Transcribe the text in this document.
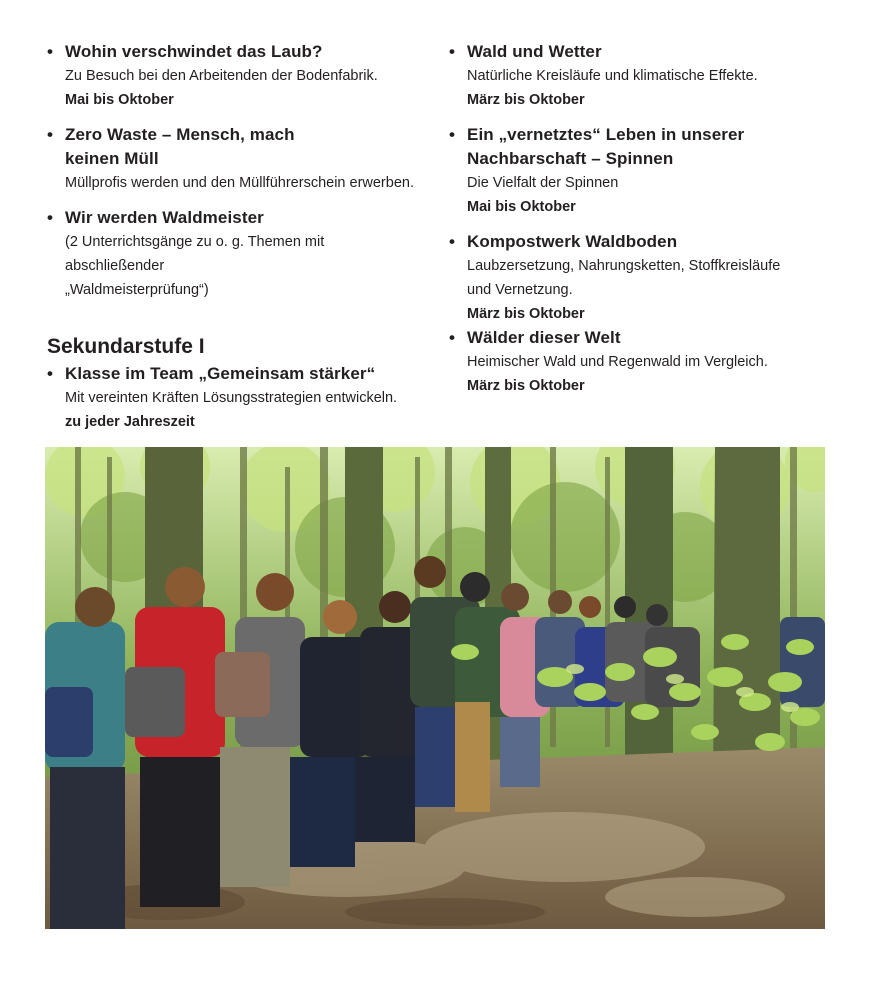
• Wohin verschwindet das Laub?
Zu Besuch bei den Arbeitenden der Bodenfabrik.
Mai bis Oktober
• Zero Waste – Mensch, mach
keinen Müll
Müllprofis werden und den Müllführerschein erwerben.
• Wir werden Waldmeister
(2 Unterrichtsgänge zu o. g. Themen mit abschließender
„Waldmeisterprüfung“)
Sekundarstufe I
• Klasse im Team „Gemeinsam stärker“
Mit vereinten Kräften Lösungsstrategien entwickeln.
zu jeder Jahreszeit
• Wald und Wetter
Natürliche Kreisläufe und klimatische Effekte.
März bis Oktober
• Ein „vernetztes“ Leben in unserer
Nachbarschaft – Spinnen
Die Vielfalt der Spinnen
Mai bis Oktober
• Kompostwerk Waldboden
Laubzersetzung, Nahrungsketten, Stoffkreisläufe
und Vernetzung.
März bis Oktober
• Wälder dieser Welt
Heimischer Wald und Regenwald im Vergleich.
März bis Oktober
